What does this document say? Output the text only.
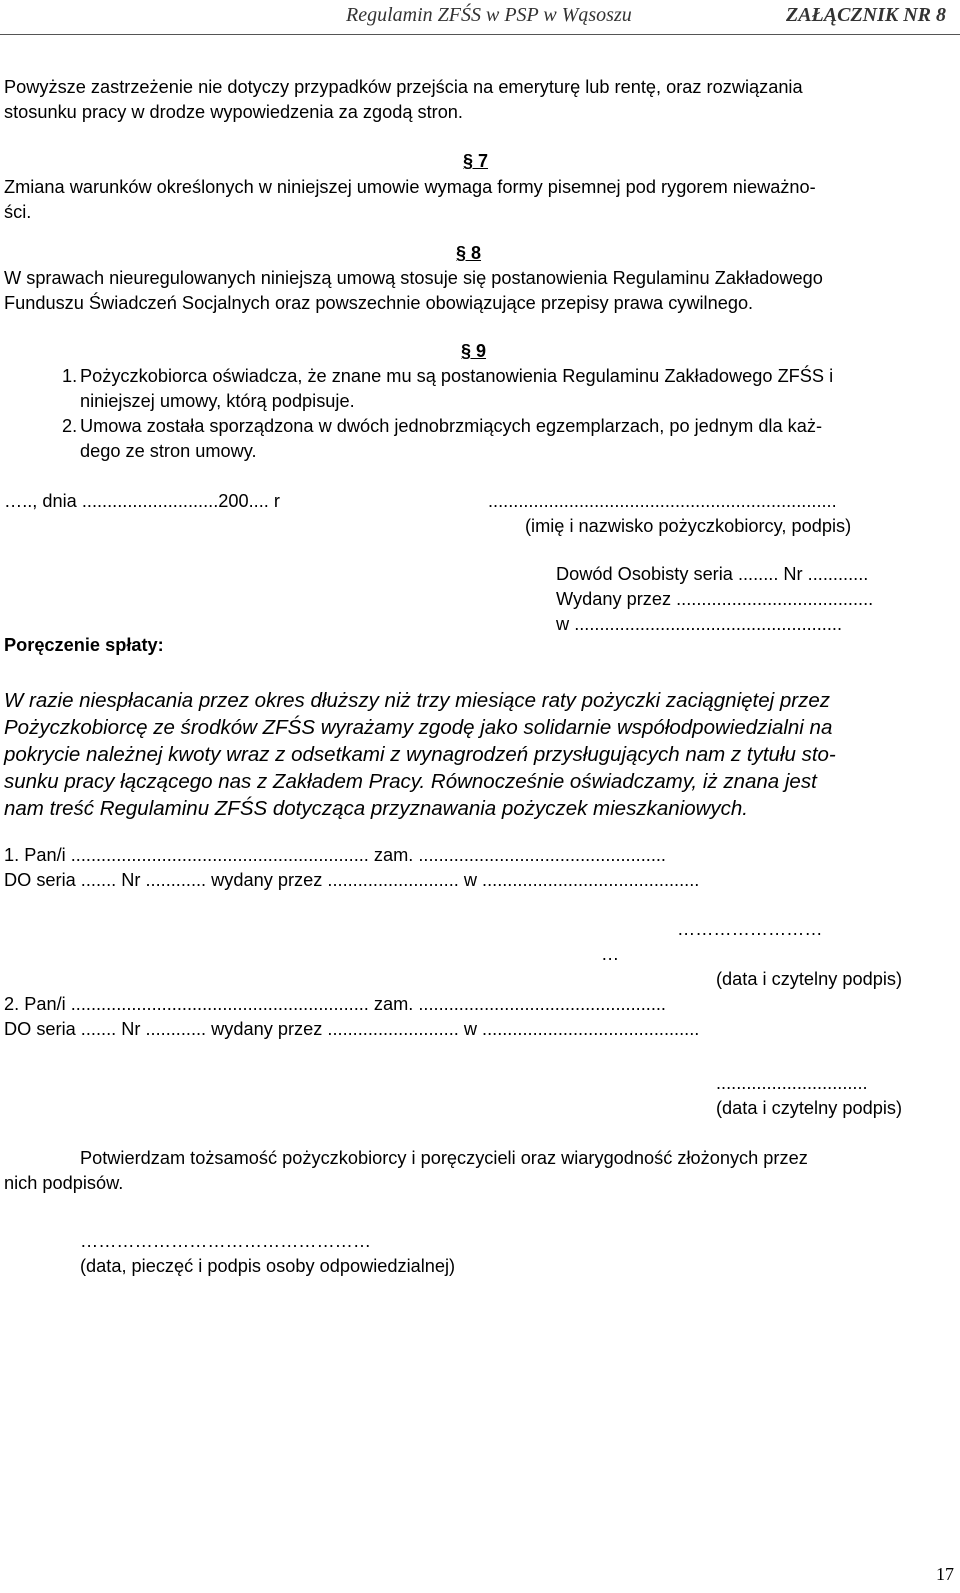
Regulamin ZFŚS w PSP w Wąsoszu	ZAŁĄCZNIK NR 8
Powyższe zastrzeżenie nie dotyczy przypadków przejścia na emeryturę lub rentę, oraz rozwiązania
stosunku pracy w drodze wypowiedzenia za zgodą stron.
§ 7
Zmiana warunków określonych w niniejszej umowie wymaga formy pisemnej pod rygorem nieważno-
ści.
§ 8
W sprawach nieuregulowanych niniejszą umową stosuje się postanowienia Regulaminu Zakładowego
Funduszu Świadczeń Socjalnych oraz powszechnie obowiązujące przepisy prawa cywilnego.
§ 9
1. Pożyczkobiorca oświadcza, że znane mu są postanowienia Regulaminu Zakładowego ZFŚS i
niniejszej umowy, którą podpisuje.
2. Umowa została sporządzona w dwóch jednobrzmiących egzemplarzach, po jednym dla każ-
dego ze stron umowy.
….., dnia ...........................200.... r	.....................................................................
(imię i nazwisko pożyczkobiorcy, podpis)
Dowód Osobisty seria ........ Nr ............
Wydany przez .......................................
w .....................................................
Poręczenie spłaty:
W razie niespłacania przez okres dłuższy niż trzy miesiące raty pożyczki zaciągniętej przez
Pożyczkobiorcę ze środków ZFŚS wyrażamy zgodę jako solidarnie współodpowiedzialni na
pokrycie należnej kwoty wraz z odsetkami z wynagrodzeń przysługujących nam z tytułu sto-
sunku pracy łączącego nas z Zakładem Pracy. Równocześnie oświadczamy, iż znana jest
nam treść Regulaminu ZFŚS dotycząca przyznawania pożyczek mieszkaniowych.
1. Pan/i ........................................................... zam. .................................................
DO seria ....... Nr ............ wydany przez .......................... w ...........................................
……………………
…
(data i czytelny podpis)
2. Pan/i ........................................................... zam. .................................................
DO seria ....... Nr ............ wydany przez .......................... w ...........................................
..............................
(data i czytelny podpis)
Potwierdzam tożsamość pożyczkobiorcy i poręczycieli oraz wiarygodność złożonych przez
nich podpisów.
…………………………………………
(data, pieczęć i podpis osoby odpowiedzialnej)
17
